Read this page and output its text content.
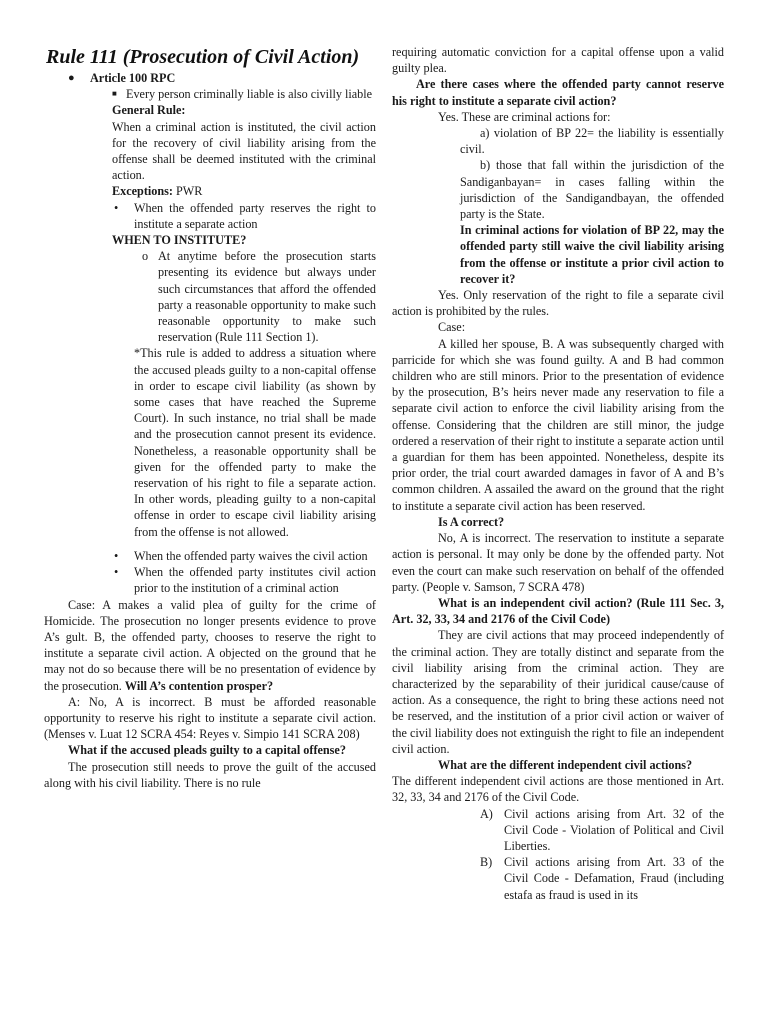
Rule 111 (Prosecution of Civil Action)

● Article 100 RPC
■ Every person criminally liable is also civilly liable

General Rule:

When a criminal action is instituted, the civil action for the recovery of civil liability arising from the offense shall be deemed instituted with the criminal action.

Exceptions: PWR

• When the offended party reserves the right to institute a separate action

WHEN TO INSTITUTE?

o At anytime before the prosecution starts presenting its evidence but always under such circumstances that afford the offended party a reasonable opportunity to make such reasonable opportunity to make such reservation (Rule 111 Section 1).

*This rule is added to address a situation where the accused pleads guilty to a non-capital offense in order to escape civil liability (as shown by some cases that have reached the Supreme Court). In such instance, no trial shall be made and the prosecution cannot present its evidence. Nonetheless, a reasonable opportunity shall be given for the offended party to make the reservation of his right to file a separate action. In other words, pleading guilty to a non-capital offense in order to escape civil liability arising from the offense is not allowed.

• When the offended party waives the civil action
• When the offended party institutes civil action prior to the institution of a criminal action

Case: A makes a valid plea of guilty for the crime of Homicide. The prosecution no longer presents evidence to prove A’s gult. B, the offended party, chooses to reserve the right to institute a separate civil action. A objected on the ground that he may not do so because there will be no presentation of evidence by the prosecution. Will A’s contention prosper?

A: No, A is incorrect. B must be afforded reasonable opportunity to reserve his right to institute a separate civil action. (Menses v. Luat 12 SCRA 454: Reyes v. Simpio 141 SCRA 208)

What if the accused pleads guilty to a capital offense?

The prosecution still needs to prove the guilt of the accused along with his civil liability. There is no rule

requiring automatic conviction for a capital offense upon a valid guilty plea.

Are there cases where the offended party cannot reserve his right to institute a separate civil action?

Yes. These are criminal actions for:

a) violation of BP 22= the liability is essentially civil.

b) those that fall within the jurisdiction of the Sandiganbayan= in cases falling within the jurisdiction of the Sandigandbayan, the offended party is the State.

In criminal actions for violation of BP 22, may the offended party still waive the civil liability arising from the offense or institute a prior civil action to recover it?

Yes. Only reservation of the right to file a separate civil action is prohibited by the rules.

Case:

A killed her spouse, B. A was subsequently charged with parricide for which she was found guilty. A and B had common children who are still minors. Prior to the presentation of evidence by the prosecution, B’s heirs never made any reservation to file a separate civil action to enforce the civil liability arising from the offense. Considering that the children are still minor, the judge ordered a reservation of their right to institute a separate action until a guardian for them has been appointed. Nonetheless, despite its prior order, the trial court awarded damages in favor of A and B’s common children. A assailed the award on the ground that the right to institute a separate civil action has been reserved.

Is A correct?

No, A is incorrect. The reservation to institute a separate action is personal. It may only be done by the offended party. Not even the court can make such reservation on behalf of the offended party. (People v. Samson, 7 SCRA 478)

What is an independent civil action? (Rule 111 Sec. 3, Art. 32, 33, 34 and 2176 of the Civil Code)

They are civil actions that may proceed independently of the criminal action. They are totally distinct and separate from the civil liability arising from the criminal action. They are characterized by the separability of their juridical cause/cause of action. As a consequence, the right to bring these actions need not be reserved, and the institution of a prior civil action or waiver of the civil liability does not extinguish the right to file an independent civil action.

What are the different independent civil actions?

The different independent civil actions are those mentioned in Art. 32, 33, 34 and 2176 of the Civil Code.

A) Civil actions arising from Art. 32 of the Civil Code - Violation of Political and Civil Liberties.
B) Civil actions arising from Art. 33 of the Civil Code - Defamation, Fraud (including estafa as fraud is used in its
